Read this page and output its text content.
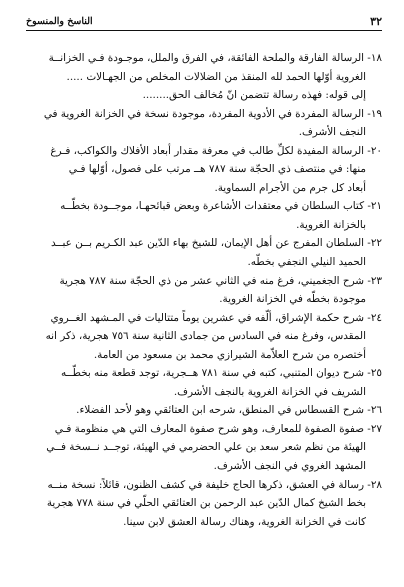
٣٢
الناسخ والمنسوخ
١٨- الرسالة الفارقة والملحة الفائقة، في الفرق والملل، موجـودة فـي الخزانــة
الغروية أوّلها الحمد لله المنقذ من الضلالات المخلص من الجهـالات .....
إلى قوله: فهذه رسالة تتضمن انّ مُخالف الحق........
١٩- الرسالة المفردة في الأدوية المفردة، موجودة نسخة في الخزانة الغروية في
النجف الأشرف.
٢٠- الرسالة المفيدة لكلِّ طالب في معرفة مقدار أبعاد الأفلاك والكواكب، فـرغ
منها: في منتصف ذي الحجّة سنة ٧٨٧ هــ مرتب على فصول، أوّلها فـي
أبعاد كل جرم من الأجرام السماوية.
٢١- كتاب السلطان في معتقدات الأشاعرة وبعض قبائحهـا، موجــودة بخطّــه
بالخزانة الغروية.
٢٢- السلطان المفرج عن أهل الإيمان، للشيخ بهاء الدّين عبد الكـريم بــن عبــد
الحميد النيلي النجفي بخطّه.
٢٣- شرح الجغميني، فرغ منه في الثاني عشر من ذي الحجّة سنة ٧٨٧ هجرية
موجودة بخطّه في الخزانة الغروية.
٢٤- شرح حكمة الإشراق، ألّفه في عشرين يوماً متتاليات في المـشهد الغــروي
المقدس، وفرغ منه في السادس من جمادى الثانية سنة ٧٥٦ هجرية، ذكر انه
أختصره من شرح العلاّمة الشيرازي محمد بن مسعود من العامة.
٢٥- شرح ديوان المتنبي، كتبه في سنة ٧٨١ هــجرية، توجد قطعة منه بخطّــه
الشريف في الخزانة الغروية بالنجف الأشرف.
٢٦- شرح القسطاس في المنطق، شرحه ابن العتائقي وهو لأحد الفضلاء.
٢٧- صفوة الصفوة للمعارف، وهو شرح صفوة المعارف التي هي منظومة فـي
الهيئة من نظم شعر سعد بن علي الحضرمي في الهيئة، توجــد نــسخة فــي
المشهد الغروي في النجف الأشرف.
٢٨- رسالة في العشق، ذكرها الحاج خليفة في كشف الظنون، قائلاً: نسخة منــه
بخط الشيخ كمال الدّين عبد الرحمن بن العتائقي الحلّي في سنة ٧٧٨ هجرية
كانت في الخزانة الغروية، وهناك رسالة العشق لابن سينا.
